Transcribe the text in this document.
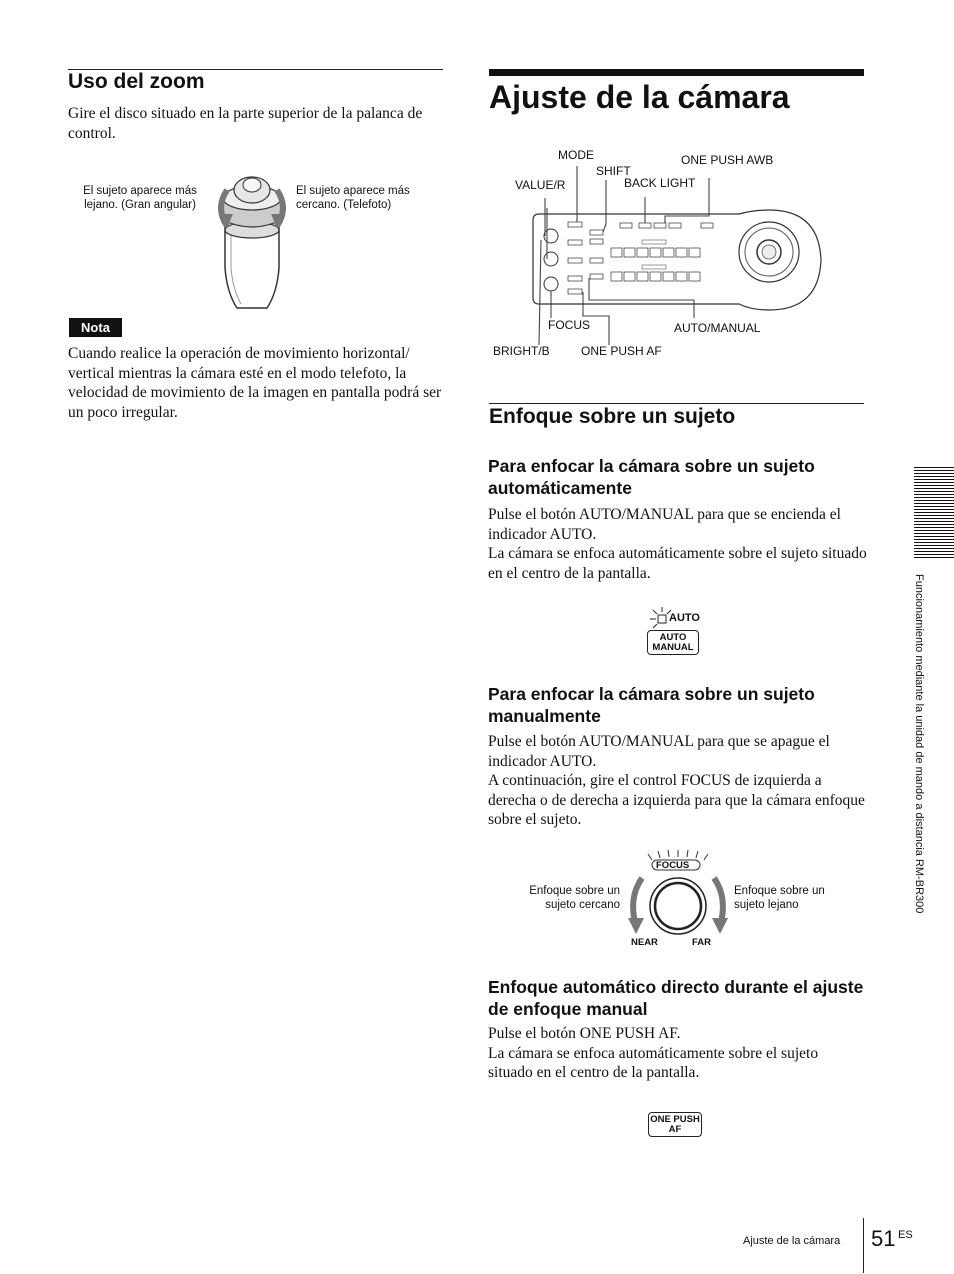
Uso del zoom
Gire el disco situado en la parte superior de la palanca de control.
El sujeto aparece más lejano. (Gran angular)
El sujeto aparece más cercano. (Telefoto)
Nota
Cuando realice la operación de movimiento horizontal/ vertical mientras la cámara esté en el modo telefoto, la velocidad de movimiento de la imagen en pantalla podrá ser un poco irregular.
Ajuste de la cámara
MODE
SHIFT
ONE PUSH AWB
VALUE/R	BACK LIGHT
FOCUS	AUTO/MANUAL
BRIGHT/B	ONE PUSH AF
Enfoque sobre un sujeto
Para enfocar la cámara sobre un sujeto automáticamente

Pulse el botón AUTO/MANUAL para que se encienda el indicador AUTO.

La cámara se enfoca automáticamente sobre el sujeto situado en el centro de la pantalla.

AUTO
AUTO
MANUAL
Para enfocar la cámara sobre un sujeto manualmente

Pulse el botón AUTO/MANUAL para que se apague el indicador AUTO.

A continuación, gire el control FOCUS de izquierda a derecha o de derecha a izquierda para que la cámara enfoque sobre el sujeto.

Enfoque sobre un sujeto cercano
Enfoque sobre un sujeto lejano
FOCUS
NEAR	FAR
Enfoque automático directo durante el ajuste de enfoque manual

Pulse el botón ONE PUSH AF.

La cámara se enfoca automáticamente sobre el sujeto situado en el centro de la pantalla.

ONE PUSH
AF
Funcionamiento mediante la unidad de mando a distancia RM-BR300
Ajuste de la cámara 51 ES
